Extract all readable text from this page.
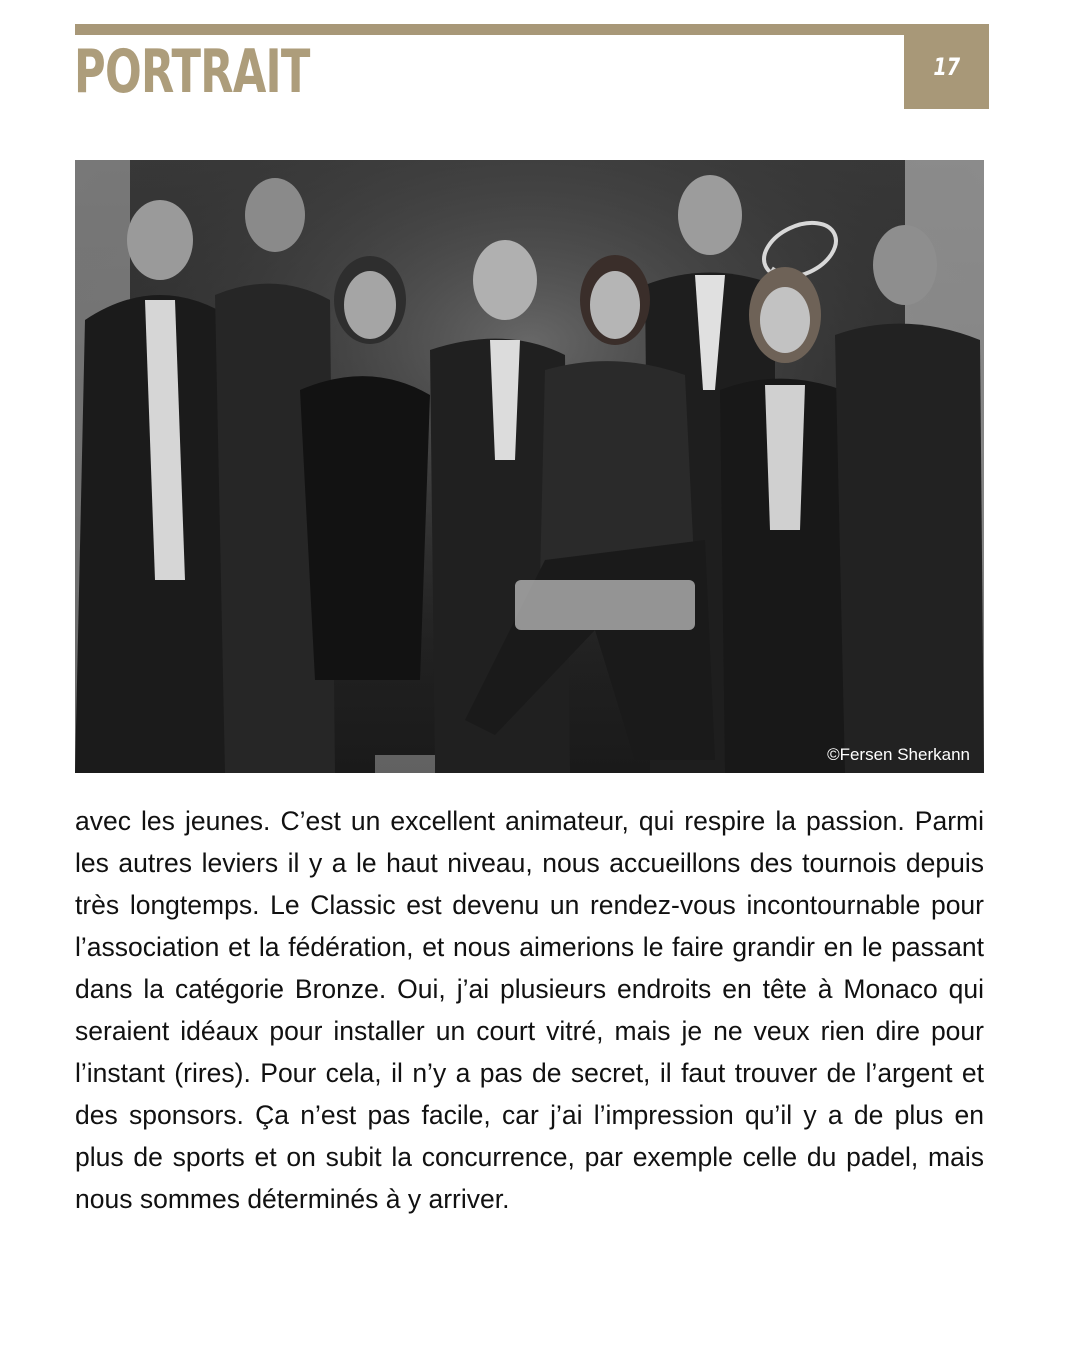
PORTRAIT	17
©Fersen Sherkann

avec les jeunes. C’est un excellent animateur, qui respire la passion. Parmi les autres leviers il y a le haut niveau, nous accueillons des tournois depuis très longtemps. Le Classic est devenu un rendez-vous incontournable pour l’association et la fédération, et nous aimerions le faire grandir en le passant dans la catégorie Bronze. Oui, j’ai plusieurs endroits en tête à Monaco qui seraient idéaux pour installer un court vitré, mais je ne veux rien dire pour l’instant (rires). Pour cela, il n’y a pas de secret, il faut trouver de l’argent et des sponsors. Ça n’est pas facile, car j’ai l’impression qu’il y a de plus en plus de sports et on subit la concurrence, par exemple celle du padel, mais nous sommes déterminés à y arriver.
